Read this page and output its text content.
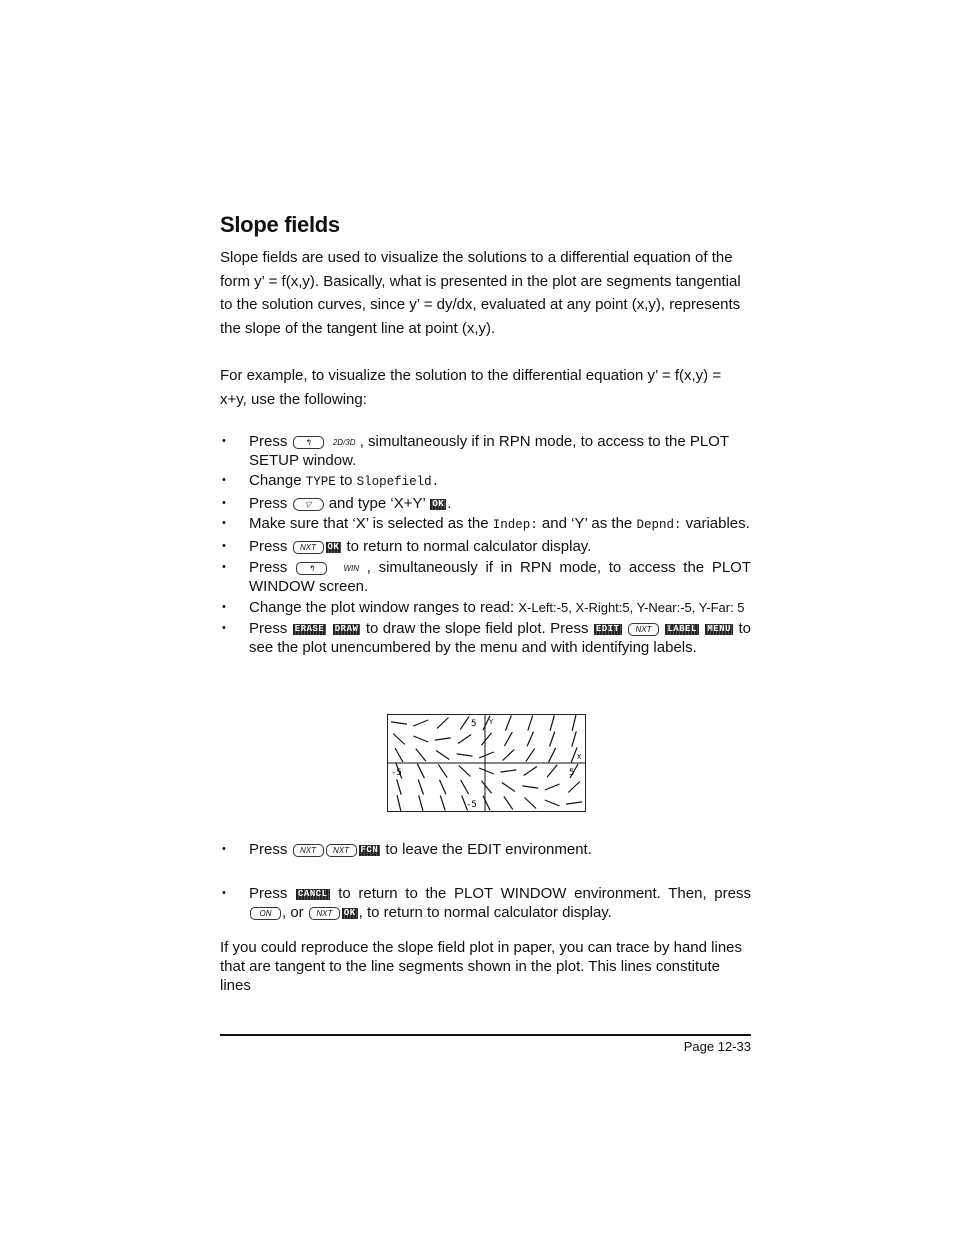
Slope fields

Slope fields are used to visualize the solutions to a differential equation of the form y’ = f(x,y). Basically, what is presented in the plot are segments tangential to the solution curves, since y’ = dy/dx, evaluated at any point (x,y), represents the slope of the tangent line at point (x,y).

For example, to visualize the solution to the differential equation y’ = f(x,y) = x+y, use the following:

• Press ↰	2D/3D , simultaneously if in RPN mode, to access to the PLOT SETUP window.
• Change TYPE to Slopefield.
• Press ▽ and type ‘X+Y’ OK .
• Make sure that ‘X’ is selected as the Indep: and ‘Y’ as the Depnd: variables.
• Press NXT OK to return to normal calculator display.
• Press	↰	WIN , simultaneously if in RPN mode, to access the PLOT WINDOW screen.
• Change the plot window ranges to read: X-Left:-5, X-Right:5, Y-Near:-5, Y-Far: 5
• Press ERASE DRAW to draw the slope field plot. Press EDIT NXT LABEL MENU to see the plot unencumbered by the menu and with identifying labels.
5 Y
X
-5	5
-5
• Press NXT NXT FCN to leave the EDIT environment.
• Press CANCL to return to the PLOT WINDOW environment. Then, press ON , or NXT OK , to return to normal calculator display.

If you could reproduce the slope field plot in paper, you can trace by hand lines that are tangent to the line segments shown in the plot. This lines constitute lines

Page 12-33
